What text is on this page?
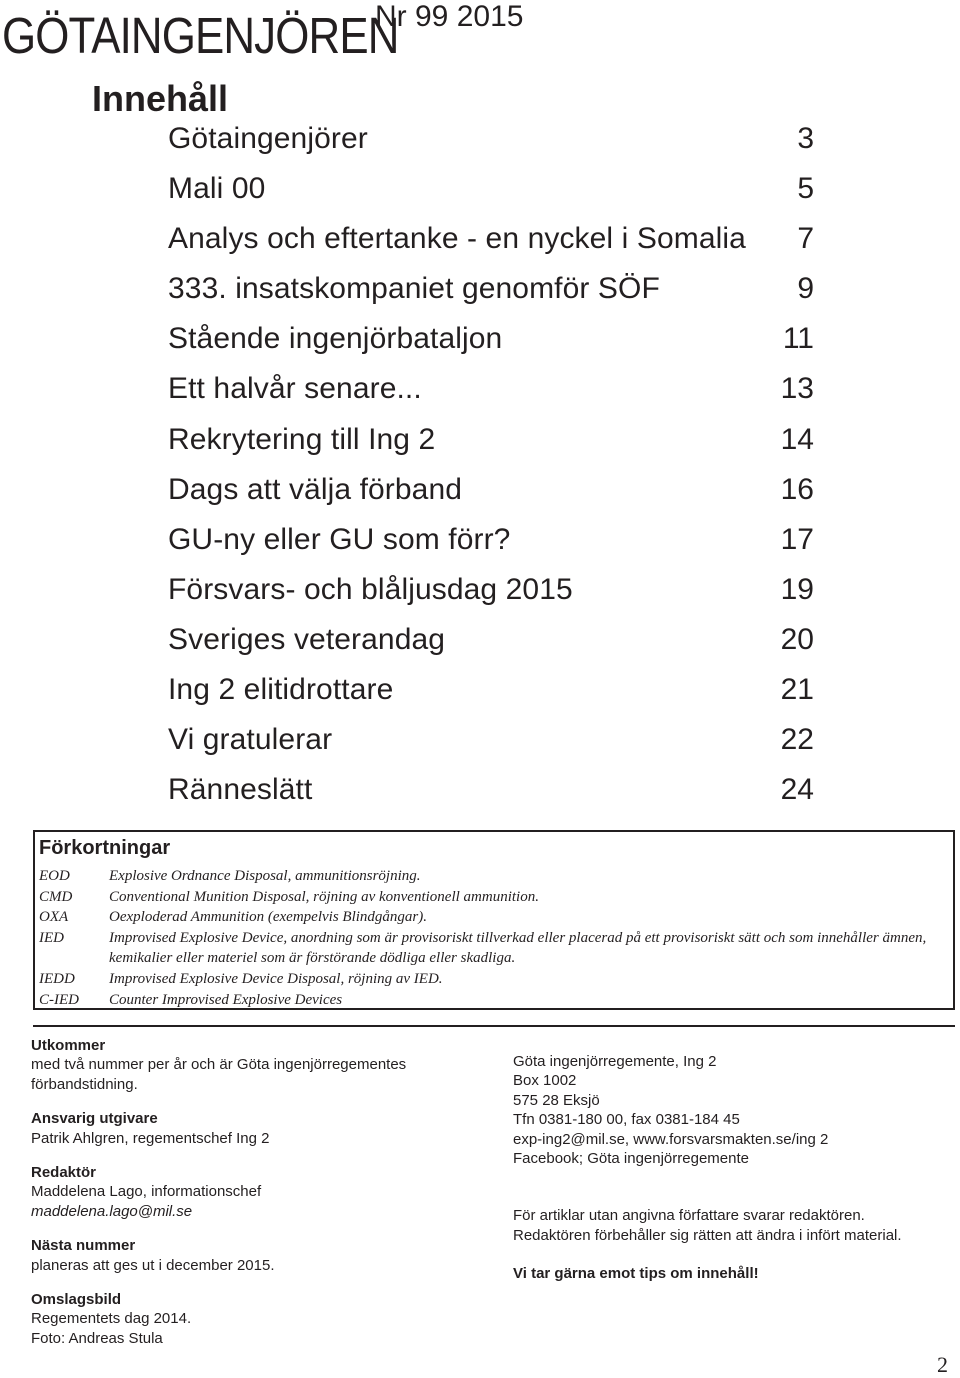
GÖTAINGENJÖREN
Nr 99 2015
Innehåll
Götaingenjörer	3
Mali 00	5
Analys och eftertanke - en nyckel i Somalia 7
333. insatskompaniet genomför SÖF	9
Stående ingenjörbataljon	11
Ett halvår senare...	13
Rekrytering till Ing 2	14
Dags att välja förband	16
GU-ny eller GU som förr?	17
Försvars- och blåljusdag 2015	19
Sveriges veterandag	20
Ing 2 elitidrottare	21
Vi gratulerar	22
Ränneslätt	24
Förkortningar
EOD	Explosive Ordnance Disposal, ammunitionsröjning.
CMD	Conventional Munition Disposal, röjning av konventionell ammunition.
OXA	Oexploderad Ammunition (exempelvis Blindgångar).
IED	Improvised Explosive Device, anordning som är provisoriskt tillverkad eller placerad på ett provisoriskt sätt och som innehåller ämnen, kemikalier eller materiel som är förstörande dödliga eller skadliga.
IEDD	Improvised Explosive Device Disposal, röjning av IED.
C-IED	Counter Improvised Explosive Devices
Utkommer
med två nummer per år och är Göta ingenjörregementes
förbandstidning.
Ansvarig utgivare
Patrik Ahlgren, regementschef Ing 2
Redaktör
Maddelena Lago, informationschef
maddelena.lago@mil.se
Nästa nummer
planeras att ges ut i december 2015.
Omslagsbild
Regementets dag 2014.
Foto: Andreas Stula
Göta ingenjörregemente, Ing 2
Box 1002
575 28 Eksjö
Tfn 0381-180 00, fax 0381-184 45
exp-ing2@mil.se, www.forsvarsmakten.se/ing 2
Facebook; Göta ingenjörregemente
För artiklar utan angivna författare svarar redaktören.
Redaktören förbehåller sig rätten att ändra i infört material.
Vi tar gärna emot tips om innehåll!
2
